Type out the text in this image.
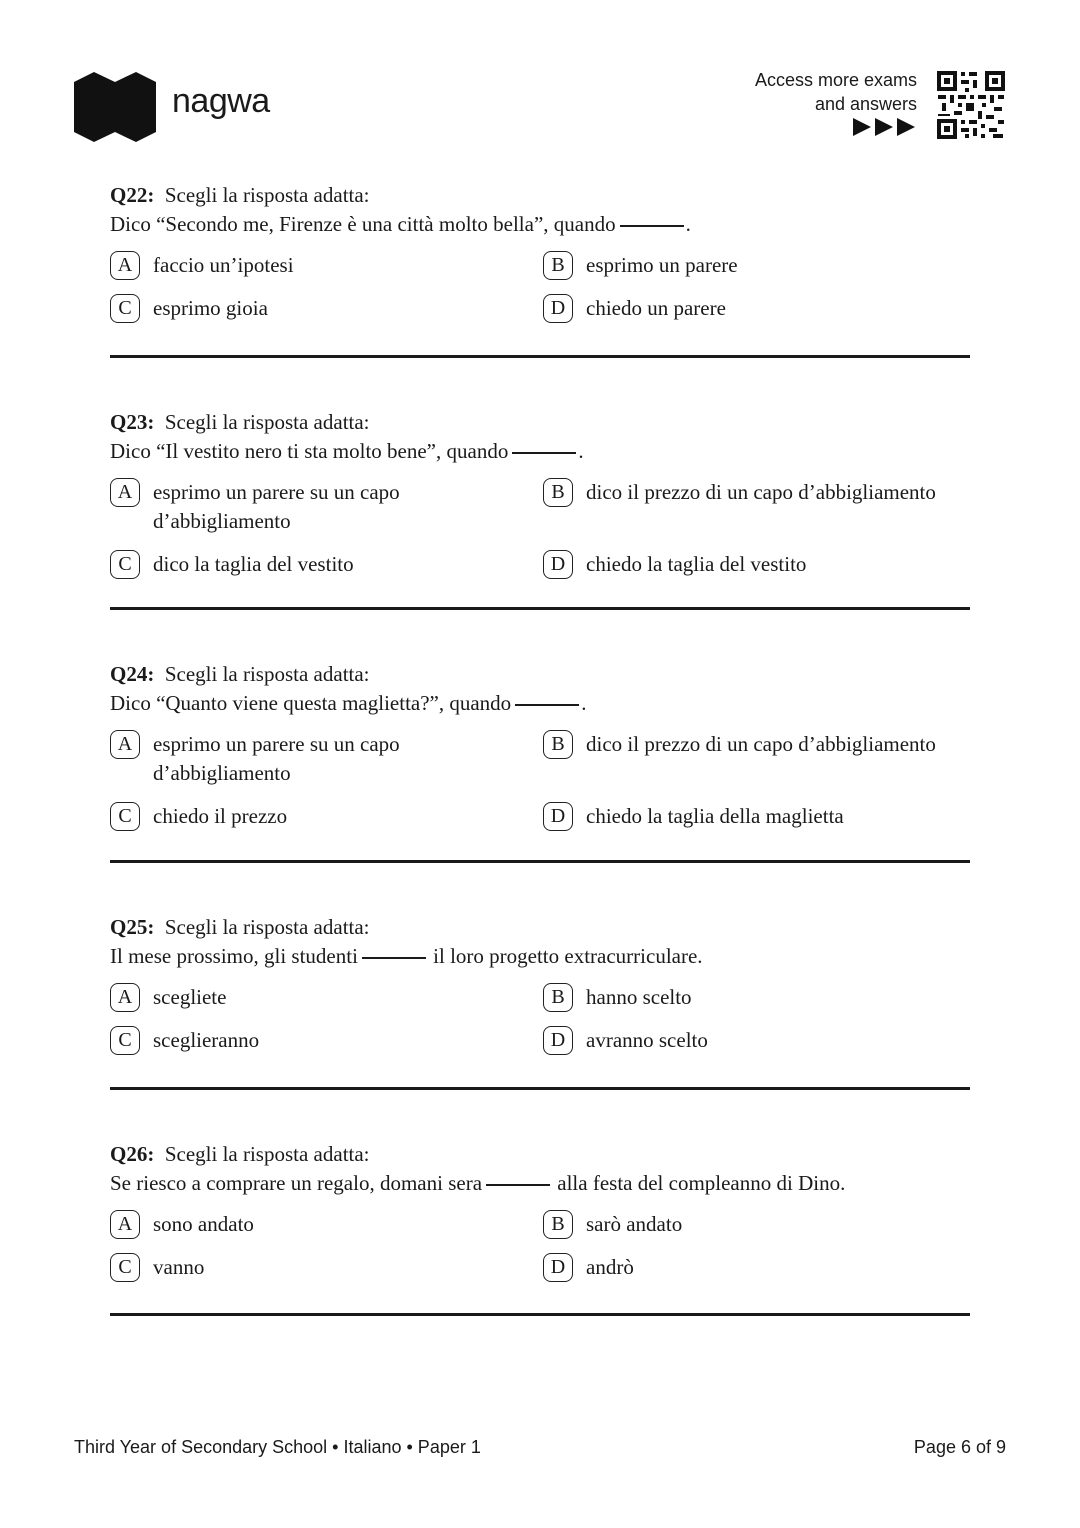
nagwa
Access more exams
and answers
Q22: Scegli la risposta adatta:
Dico “Secondo me, Firenze è una città molto bella”, quando	.
A faccio un’ipotesi	B	esprimo un parere
C	esprimo gioia	D chiedo un parere
Q23: Scegli la risposta adatta:
Dico “Il vestito nero ti sta molto bene”, quando	.
A esprimo un parere su un capo d’abbigliamento
B	dico il prezzo di un capo d’abbigliamento
C	dico la taglia del vestito	D chiedo la taglia del vestito
Q24: Scegli la risposta adatta:
Dico “Quanto viene questa maglietta?”, quando	.
A esprimo un parere su un capo d’abbigliamento
B	dico il prezzo di un capo d’abbigliamento
C	chiedo il prezzo	D chiedo la taglia della maglietta
Q25: Scegli la risposta adatta:
Il mese prossimo, gli studenti	il loro progetto extracurriculare.
A scegliete	B	hanno scelto
C	sceglieranno	D avranno scelto
Q26: Scegli la risposta adatta:
Se riesco a comprare un regalo, domani sera	alla festa del compleanno di Dino.
A sono andato	B	sarò andato
C	vanno	D andrò
Third Year of Secondary School • Italiano • Paper 1	Page 6 of 9
